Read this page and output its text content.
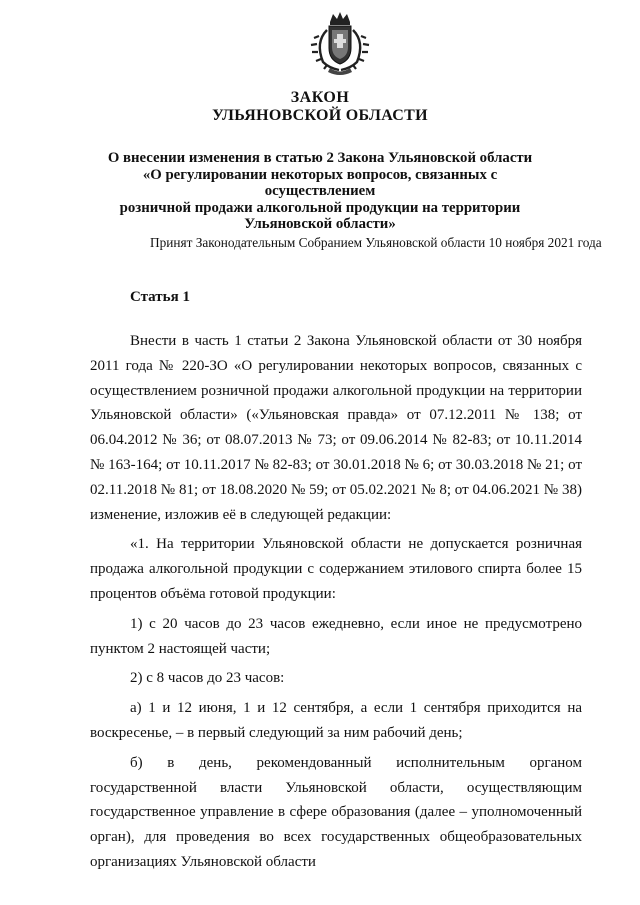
ЗАКОН
УЛЬЯНОВСКОЙ ОБЛАСТИ
О внесении изменения в статью 2 Закона Ульяновской области
«О регулировании некоторых вопросов, связанных с осуществлением
розничной продажи алкогольной продукции на территории
Ульяновской области»
Принят Законодательным Собранием Ульяновской области 10 ноября 2021 года
Статья 1

Внести в часть 1 статьи 2 Закона Ульяновской области от 30 ноября 2011 года № 220-ЗО «О регулировании некоторых вопросов, связанных с осуществлением розничной продажи алкогольной продукции на территории Ульяновской области» («Ульяновская правда» от 07.12.2011 № 138; от 06.04.2012 № 36; от 08.07.2013 № 73; от 09.06.2014 № 82-83; от 10.11.2014 № 163-164; от 10.11.2017 № 82-83; от 30.01.2018 № 6; от 30.03.2018 № 21; от 02.11.2018 № 81; от 18.08.2020 № 59; от 05.02.2021 № 8; от 04.06.2021 № 38) изменение, изложив её в следующей редакции:

«1. На территории Ульяновской области не допускается розничная продажа алкогольной продукции с содержанием этилового спирта более 15 процентов объёма готовой продукции:

1) с 20 часов до 23 часов ежедневно, если иное не предусмотрено пунктом 2 настоящей части;

2) с 8 часов до 23 часов:

а) 1 и 12 июня, 1 и 12 сентября, а если 1 сентября приходится на воскресенье, – в первый следующий за ним рабочий день;

б) в день, рекомендованный исполнительным органом государственной власти Ульяновской области, осуществляющим государственное управление в сфере образования (далее – уполномоченный орган), для проведения во всех государственных общеобразовательных организациях Ульяновской области
